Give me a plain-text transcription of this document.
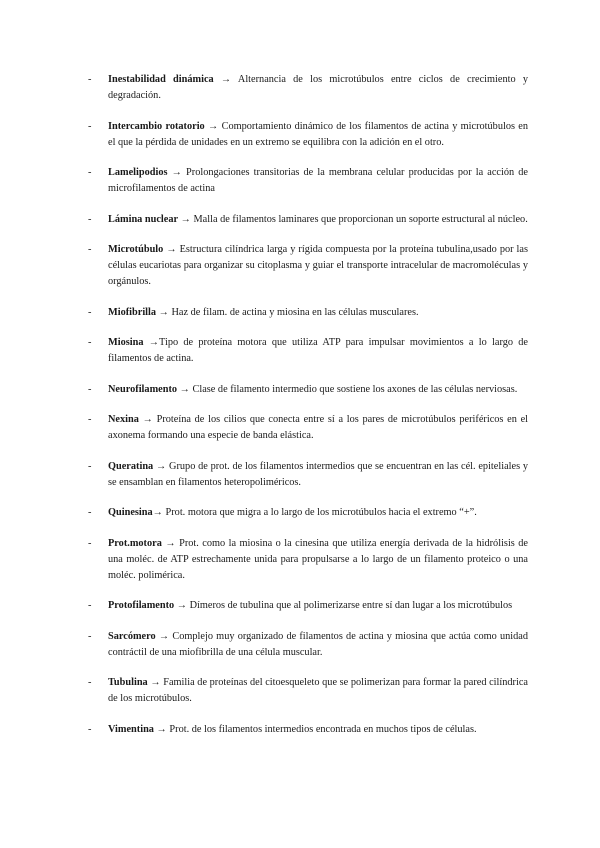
- Inestabilidad dinámica → Alternancia de los microtúbulos entre ciclos de crecimiento y degradación.
- Intercambio rotatorio → Comportamiento dinámico de los filamentos de actina y microtúbulos en el que la pérdida de unidades en un extremo se equilibra con la adición en el otro.
- Lamelipodios → Prolongaciones transitorias de la membrana celular producidas por la acción de microfilamentos de actina
- Lámina nuclear → Malla de filamentos laminares que proporcionan un soporte estructural al núcleo.
- Microtúbulo → Estructura cilíndrica larga y rígida compuesta por la proteína tubulina,usado por las células eucariotas para organizar su citoplasma y guiar el transporte intracelular de macromoléculas y orgánulos.
- Miofibrilla → Haz de filam. de actina y miosina en las células musculares.
- Miosina →Tipo de proteína motora que utiliza ATP para impulsar movimientos a lo largo de filamentos de actina.
- Neurofilamento → Clase de filamento intermedio que sostiene los axones de las células nerviosas.
- Nexina → Proteína de los cilios que conecta entre sí a los pares de microtúbulos periféricos en el axonema formando una especie de banda elástica.
- Queratina → Grupo de prot. de los filamentos intermedios que se encuentran en las cél. epiteliales y se ensamblan en filamentos heteropoliméricos.
- Quinesina→ Prot. motora que migra a lo largo de los microtúbulos hacia el extremo “+”.
- Prot.motora → Prot. como la miosina o la cinesina que utiliza energía derivada de la hidrólisis de una moléc. de ATP estrechamente unida para propulsarse a lo largo de un filamento proteico o una moléc. polimérica.
- Protofilamento → Dímeros de tubulina que al polimerizarse entre sí dan lugar a los microtúbulos
- Sarcómero → Complejo muy organizado de filamentos de actina y miosina que actúa como unidad contráctil de una miofibrilla de una célula muscular.
- Tubulina → Familia de proteínas del citoesqueleto que se polimerizan para formar la pared cilíndrica de los microtúbulos.
- Vimentina → Prot. de los filamentos intermedios encontrada en muchos tipos de células.
